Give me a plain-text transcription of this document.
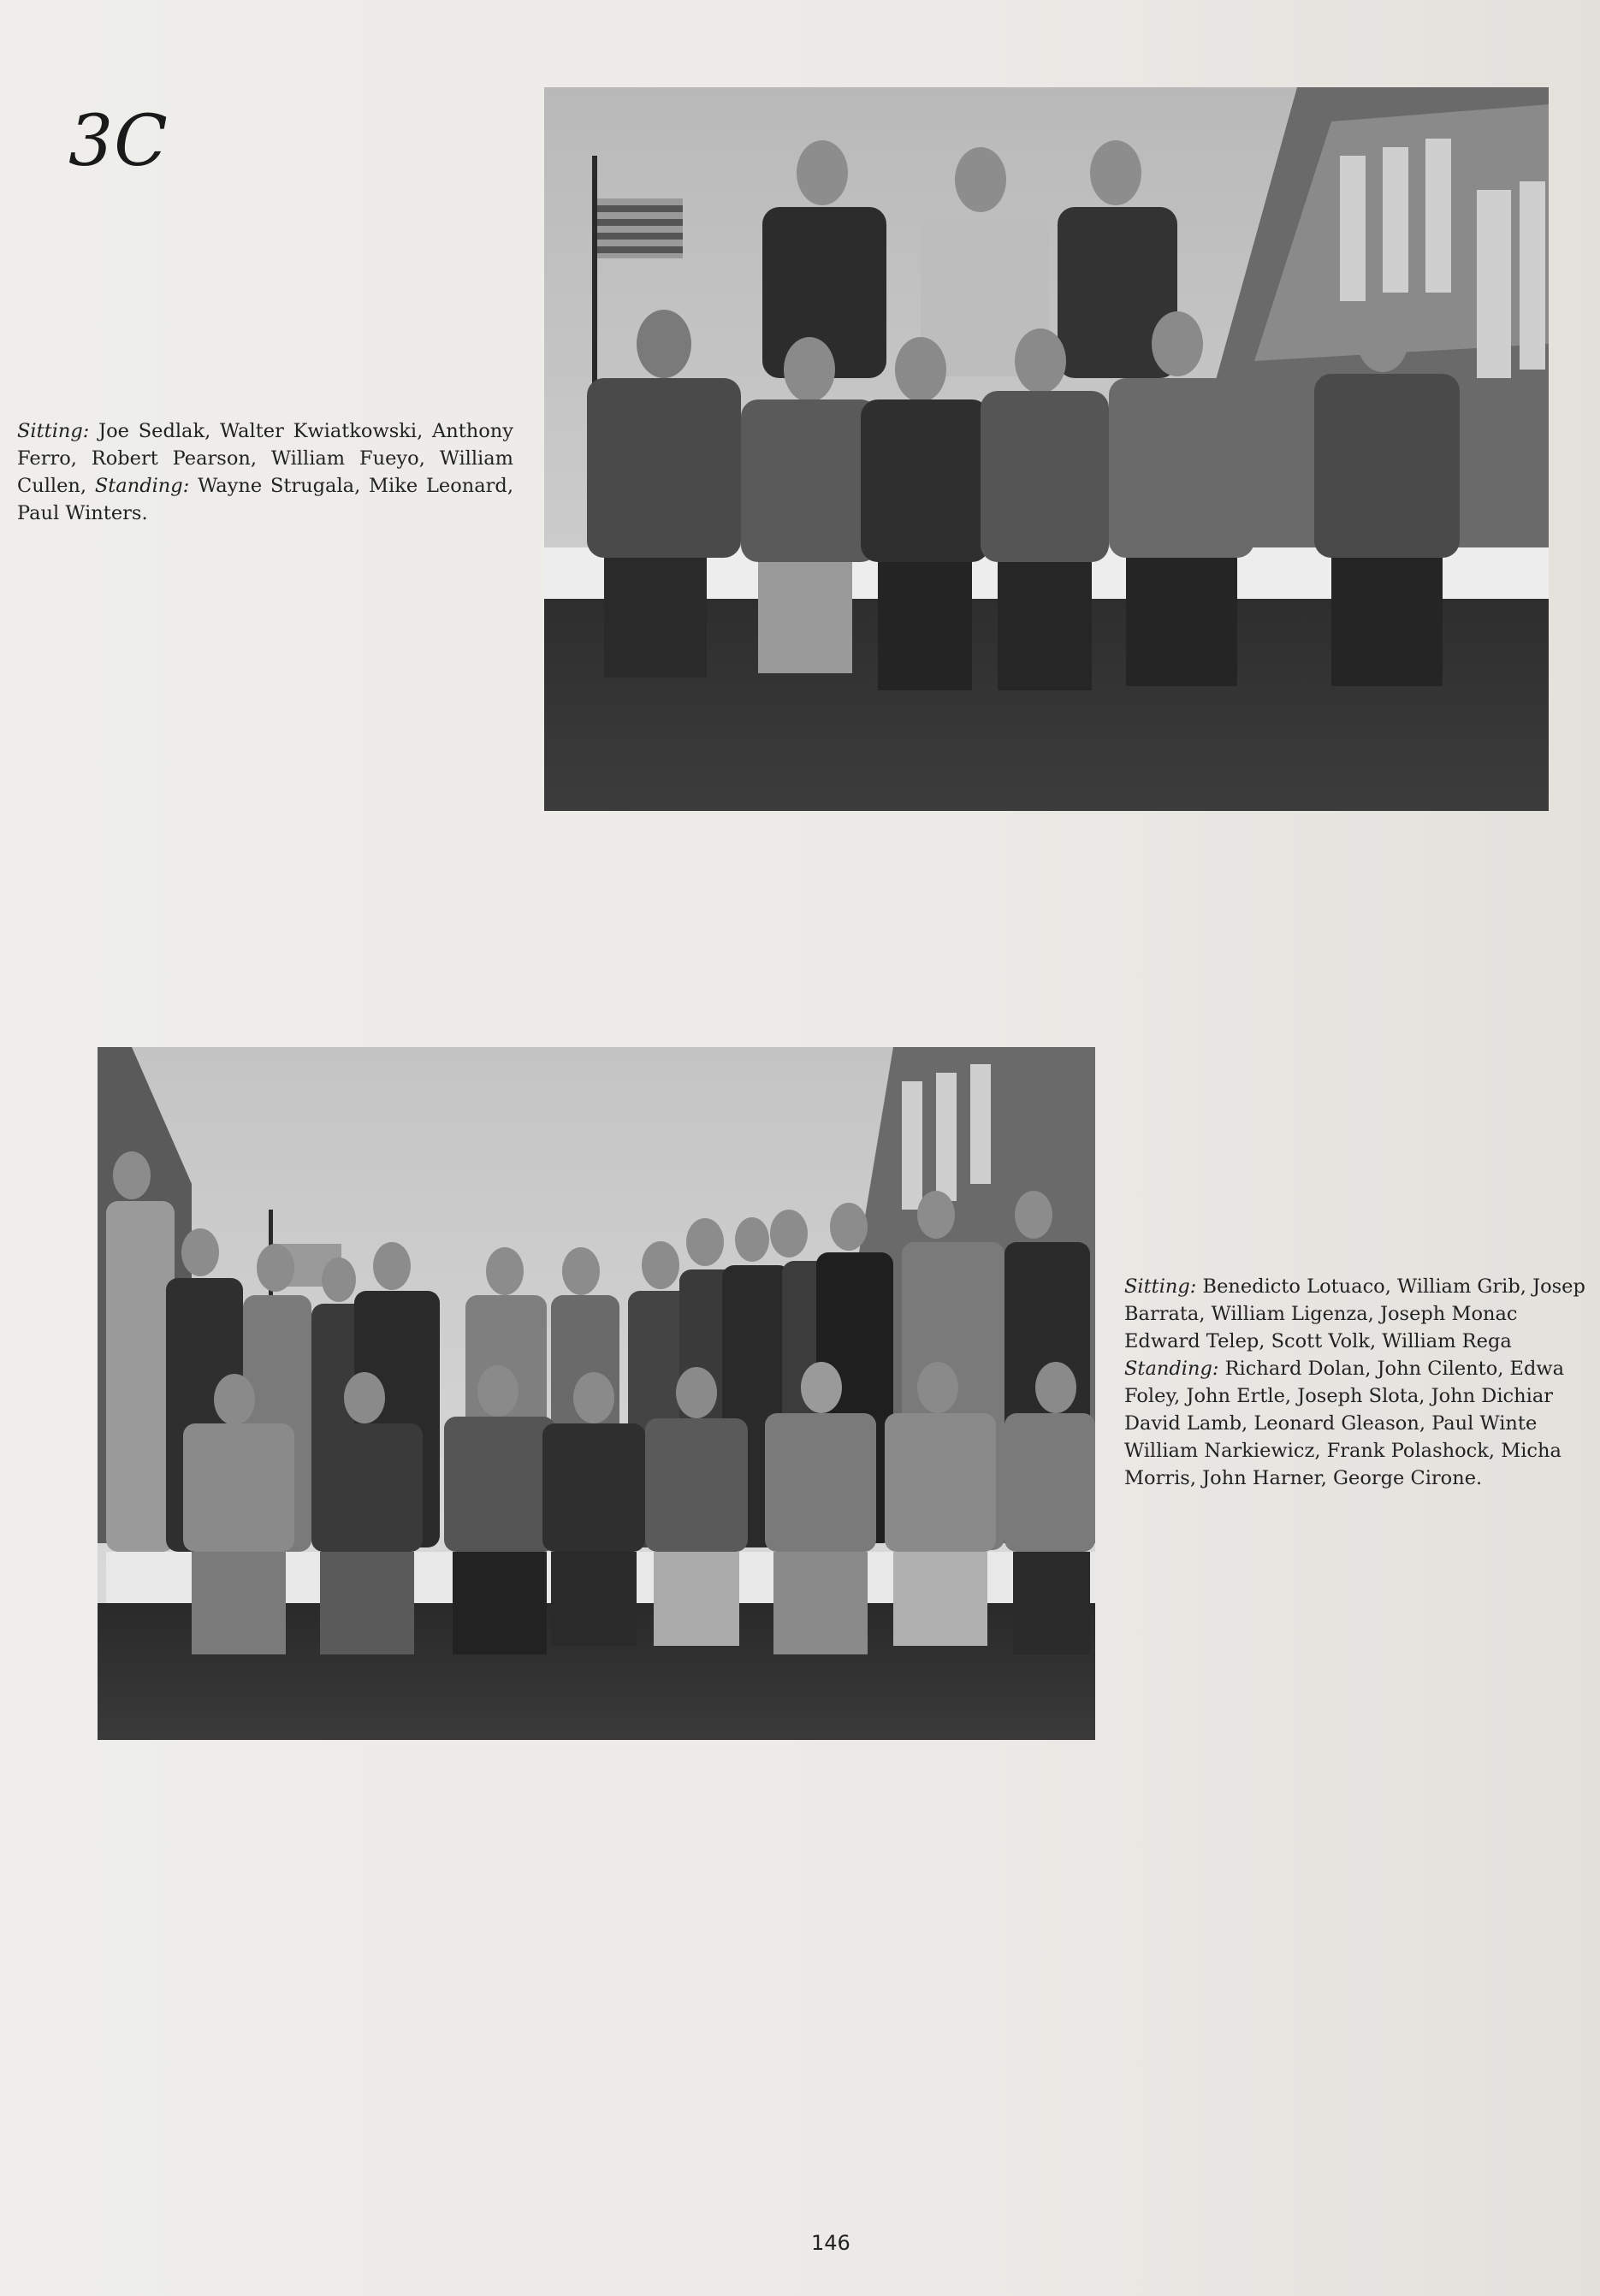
3C
Sitting: Joe Sedlak, Walter Kwiatkowski, Anthony Ferro, Robert Pearson, William Fueyo, William Cullen, Standing: Wayne Strugala, Mike Leonard, Paul Winters.
Sitting: Benedicto Lotuaco, William Grib, Josep
Barrata, William Ligenza, Joseph Monac
Edward Telep, Scott Volk, William Rega
Standing: Richard Dolan, John Cilento, Edwa
Foley, John Ertle, Joseph Slota, John Dichiar
David Lamb, Leonard Gleason, Paul Winte
William Narkiewicz, Frank Polashock, Micha
Morris, John Harner, George Cirone.
146
